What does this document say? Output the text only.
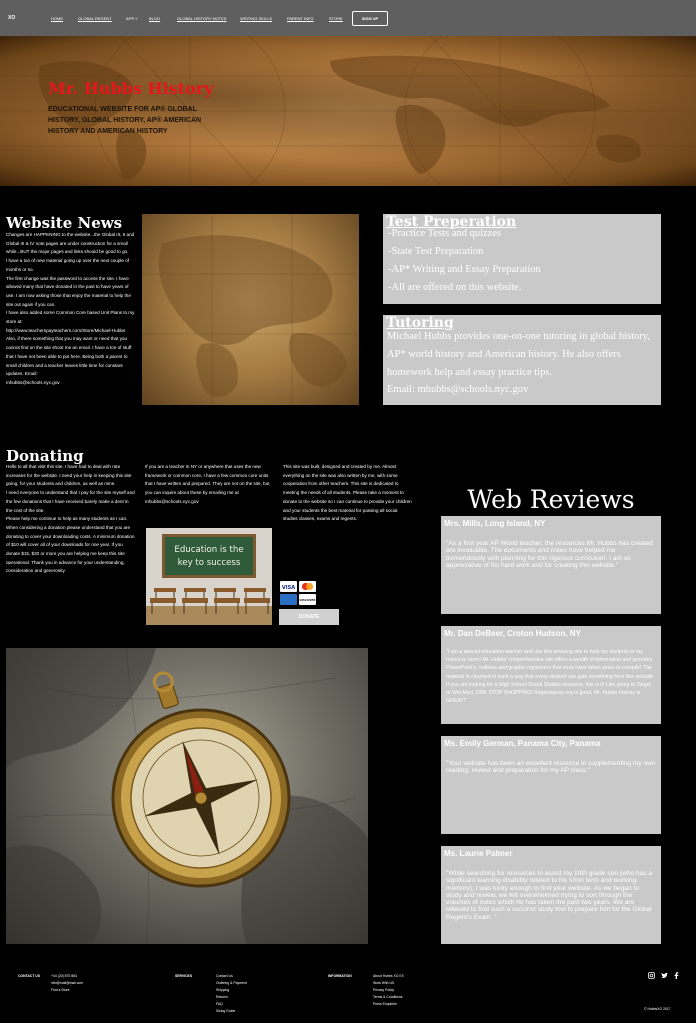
XO	HOME	GLOBAL REGENT	AP® ˅	BLOG	GLOBAL HISTORY NOTES	WRITING SKILLS	PARENT INFO	STORE	SIGN UP
Mr. Hubbs History
EDUCATIONAL WEBSITE FOR AP® GLOBAL HISTORY, GLOBAL HISTORY, AP® AMERICAN HISTORY AND AMERICAN HISTORY
Website News

Changes are HAPPENING to the website...the Global III, II and Global III & IV note pages are under construction for a small while...BUT the major pages and links should be good to go.

I have a ton of new material going up over the next couple of months or so.

The first change was the password to access the site. I have allowed many that have donated in the past to have years of use. I am now asking those that enjoy the material to help the site out again if you can.

I have also added some Common Core based Unit Plans to my store at:

http://www.teacherspayteachers.com/Store/Michael-Hubbs

Also, if there something that you may want or need that you cannot find on the site shoot me an email. I have a ton of stuff that I have not been able to put here. Being both a parent to small children and a teacher leaves little time for constant updates. Email:

mhubbs@schools.nyc.gov

Test Preperation
-Practice Tests and quizzes
-State Test Preparation
-AP* Writing and Essay Preparation
-All are offered on this website.
Tutoring
Michael Hubbs provides one-on-one tutoring in global history, AP* world history and American history. He also offers homework help and essay practice tips.
Email: mhubbs@schools.nyc.gov
Donating

Hello to all that visit this site. I have had to deal with rate increases for the website. I need your help in keeping this site going, for your students and children, as well as mine.

I need everyone to understand that I pay for the site myself and the few donations that I have received barely make a dent in the cost of the site.

Please help me continue to help as many students as I can.

When considering a donation please understand that you are donating to cover your downloading costs. A minimum donation of $10 will cover all of your downloads for one year. If you donate $15, $20 or more you are helping me keep this site operational. Thank you in advance for your understanding, consideration and generosity.

If you are a teacher in NY or anywhere that uses the new framework or common core, I have a few common core units that I have written and prepared. They are not on the site, but you can inquire about these by emailing me at mhubbs@schools.nyc.gov

This site was built, designed and created by me. Almost everything on the site was also written by me, with some cooperation from other teachers. This site is dedicated to meeting the needs of all students. Please take a moment to donate to the website so I can continue to provide your children and your students the best material for passing all social studies classes, exams and regents.

Education is the
key to success
VISA
DISCOVER
DONATE
Web Reviews
Mrs. Mills, Long Island, NY
"As a first year AP World teacher, the resources Mr. Hubbs has created are invaluable. The documents and notes have helped me tremendously with planning for this rigorous curriculum. I am so appreciative of his hard work and for creating this website."
Mr. Dan DeBeer, Croton Hudson, NY
"I am a special education teacher and use this amazing site to help my students in my resource room! Mr. Hubbs' comprehensive site offers a wealth of information and provides PowerPoint's, outlines and graphic organizers that must have taken years to compile! The material is chunked in such a way that every student can gain something from this website. If you are looking for a High School Social Studies resource, this is it! Like going to Target or Wal-Mart, ONE STOP SHOPPING! Regentsprep.org is good, Mr. Hubbs History is GREAT!"
Ms. Emily German, Panama City, Panama
"Your website has been an excellent resource in supplementing my own reading, review and preparation for my AP class."
Ms. Laurie Palmer
"While searching for resources to assist my 10th grade son (who has a significant learning disability related to his short term and working memory), I was lucky enough to find your website. As we began to study and review, we felt overwhelmed trying to sort through the volumes of notes which he has taken the past two years. We are relieved to find such a succinct study tool to prepare him for the Global Regent's Exam. "
CONTACT US	+44 (20) 870 863
info@mail@mail.com
Find a Store
SERVICES	Contact Us
Ordering & Payment
Shipping
Returns
FAQ
Sizing Guide
INFORMATION	About Hubbs XO EX
Work With US
Privacy Policy
Terms & Conditions
Press Enquiries
© HubbsXO 2017
